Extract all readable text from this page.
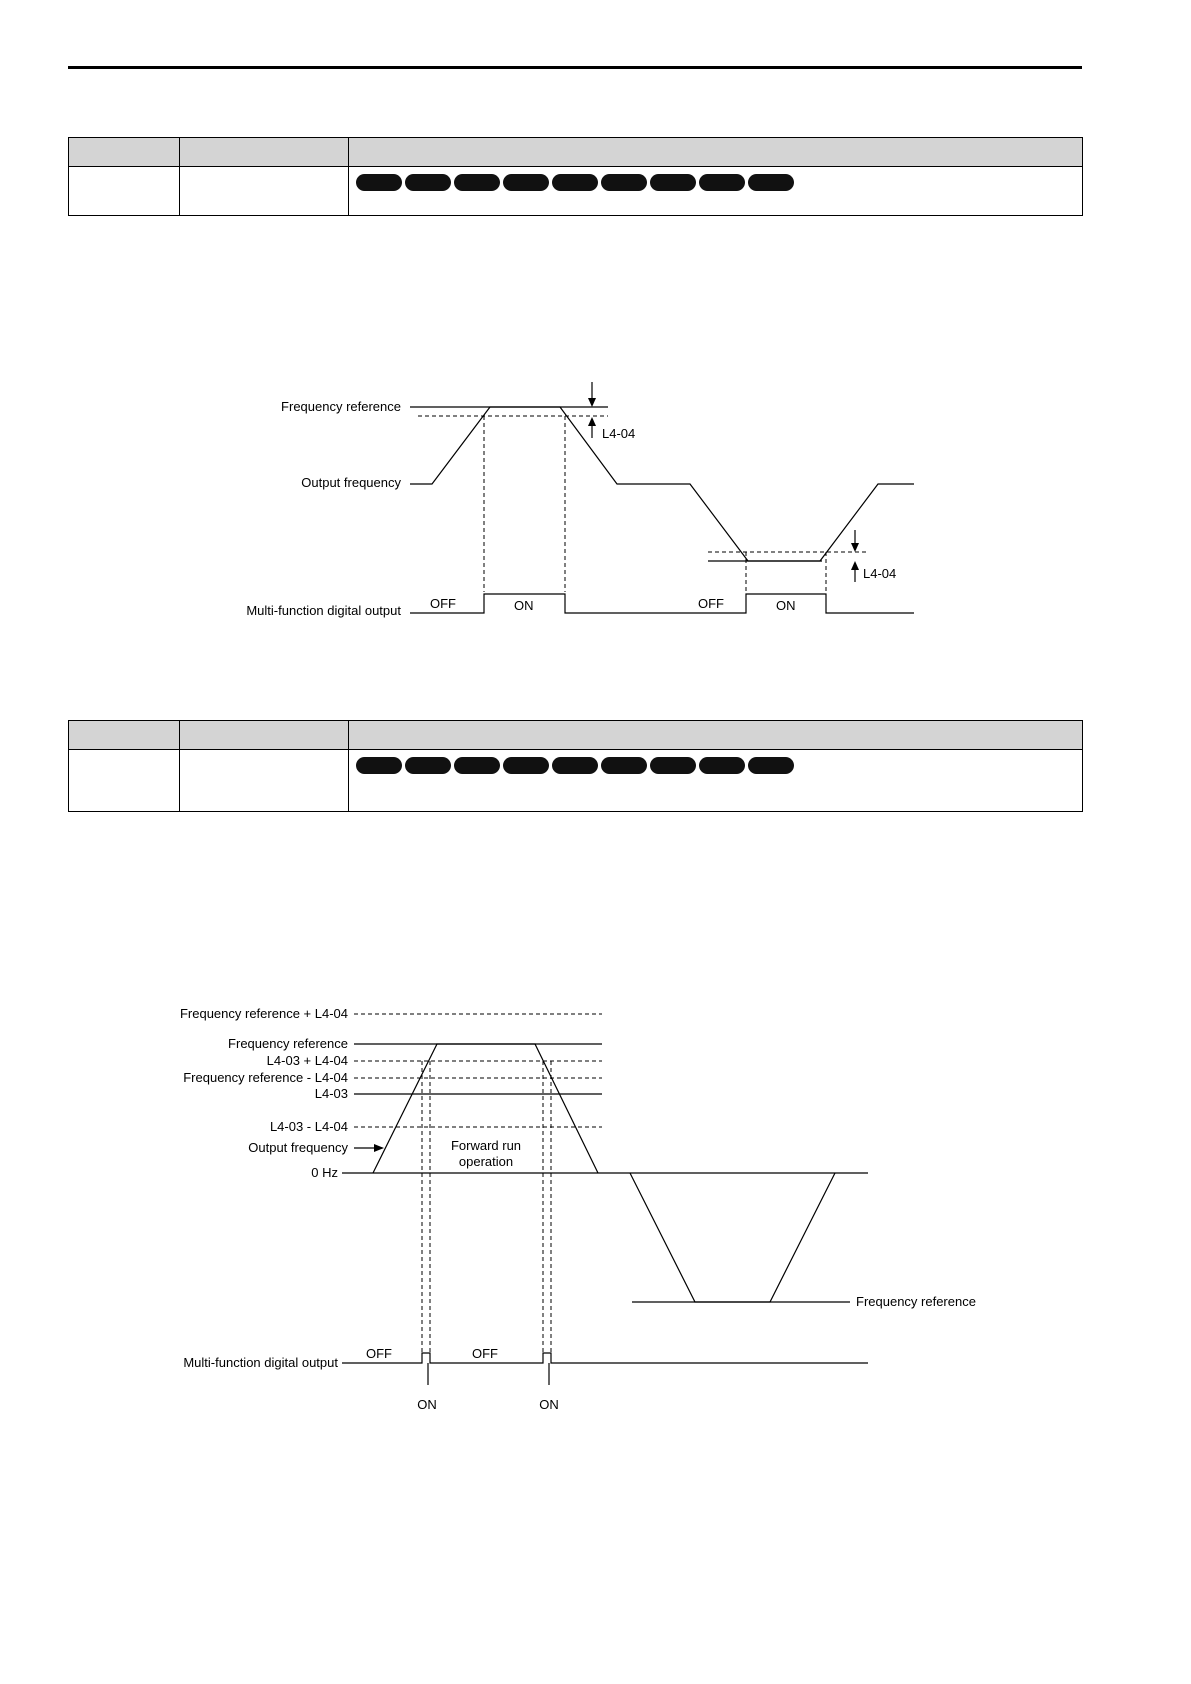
Frequency reference
Output frequency
Multi-function digital output
L4-04
L4-04
OFF	ON	OFF	ON

Frequency reference + L4-04
Frequency reference
L4-03 + L4-04
Frequency reference - L4-04
L4-03
L4-03 - L4-04
Output frequency
0 Hz
Forward run
operation
Frequency reference
Multi-function digital output
OFF	OFF
ON	ON
